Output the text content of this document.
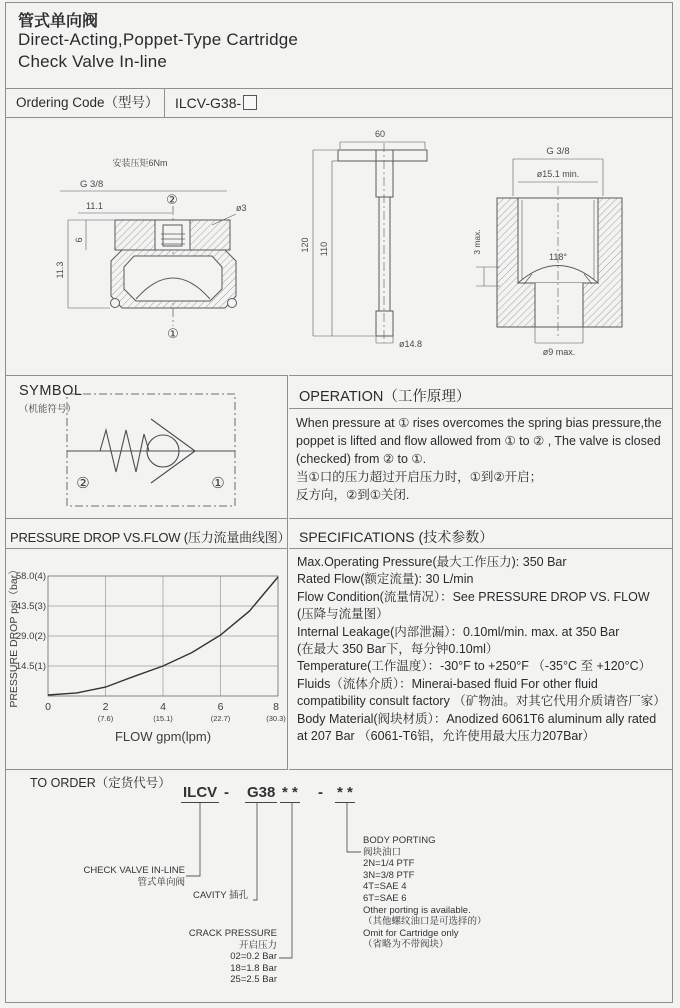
管式单向阀
Direct-Acting,Poppet-Type Cartridge
Check Valve In-line
Ordering Code（型号）	ILCV-G38-
安装压矩6Nm
G 3/8
②
11.1	ø3
6
11.3
①
60
120 110
ø14.8
G 3/8
ø15.1 min.
3 max.
118°
ø9 max.
SYMBOL
（机能符号）
②	①
OPERATION（工作原理）
When pressure at ① rises overcomes the spring bias pressure,the
poppet is lifted and flow allowed from ① to ② , The valve is closed
(checked) from ② to ①.
当①口的压力超过开启压力时，①到②开启；
反方向，②到①关闭.
PRESSURE DROP VS.FLOW (压力流量曲线图）
58.0(4)
43.5(3)
29.0(2)
14.5(1)
0	2	4	6	8
(7.6)	(15.1)	(22.7)	(30.3)
FLOW gpm(lpm)
PRESSURE DROP psi（bar）
SPECIFICATIONS (技术参数）
Max.Operating Pressure(最大工作压力): 350 Bar
Rated Flow(额定流量): 30 L/min
Flow Condition(流量情况）：See PRESSURE DROP VS. FLOW
(压降与流量图）
Internal Leakage(内部泄漏）：0.10ml/min. max. at 350 Bar
(在最大 350 Bar下，每分钟0.10ml）
Temperature(工作温度）：-30°F to +250°F （-35°C 至 +120°C）
Fluids（流体介质）：Minerai-based fluid For other fluid
compatibility consult factory （矿物油。对其它代用介质请咨厂家）
Body Material(阀块材质）：Anodized 6061T6 aluminum ally rated
at 207 Bar （6061-T6铝，允许使用最大压力207Bar）
TO ORDER（定货代号）
ILCV - G38 * * - * *
CHECK VALVE IN-LINE
管式单向阀
CAVITY 插孔
CRACK PRESSURE
开启压力
02=0.2 Bar
18=1.8 Bar
25=2.5 Bar
BODY PORTING
阀块油口
2N=1/4 PTF
3N=3/8 PTF
4T=SAE 4
6T=SAE 6
Other porting is available.
（其他螺纹油口是可选择的）
Omit for Cartridge only
（省略为不带阀块）
